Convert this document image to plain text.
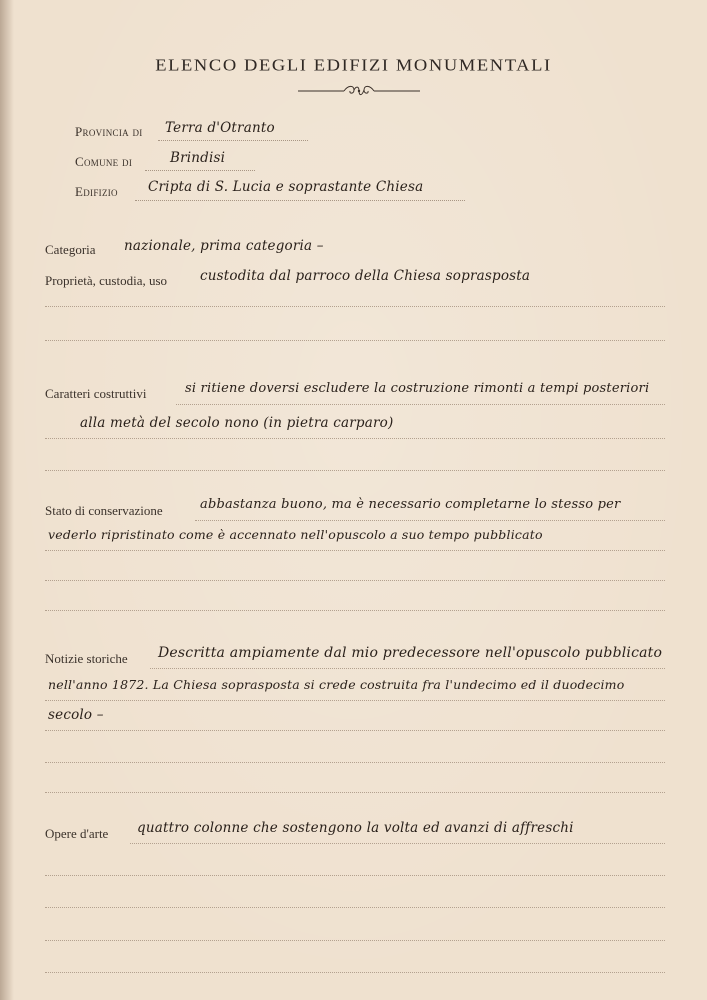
ELENCO DEGLI EDIFIZI MONUMENTALI
Provincia di Terra d'Otranto
Comune di	Brindisi
Edifizio Cripta di S. Lucia e soprastante Chiesa
Categoria nazionale, prima categoria –
Proprietà, custodia, uso custodita dal parroco della Chiesa soprasposta
Caratteri costruttivi	si ritiene doversi escludere la costruzione rimonti a tempi posteriori
alla metà del secolo nono (in pietra carparo)
Stato di conservazione	abbastanza buono, ma è necessario completarne lo stesso per
vederlo ripristinato come è accennato nell'opuscolo a suo tempo pubblicato
Notizie storiche Descritta ampiamente dal mio predecessore nell'opuscolo pubblicato
nell'anno 1872. La Chiesa soprasposta si crede costruita fra l'undecimo ed il duodecimo
secolo –
Opere d'arte quattro colonne che sostengono la volta ed avanzi di affreschi
